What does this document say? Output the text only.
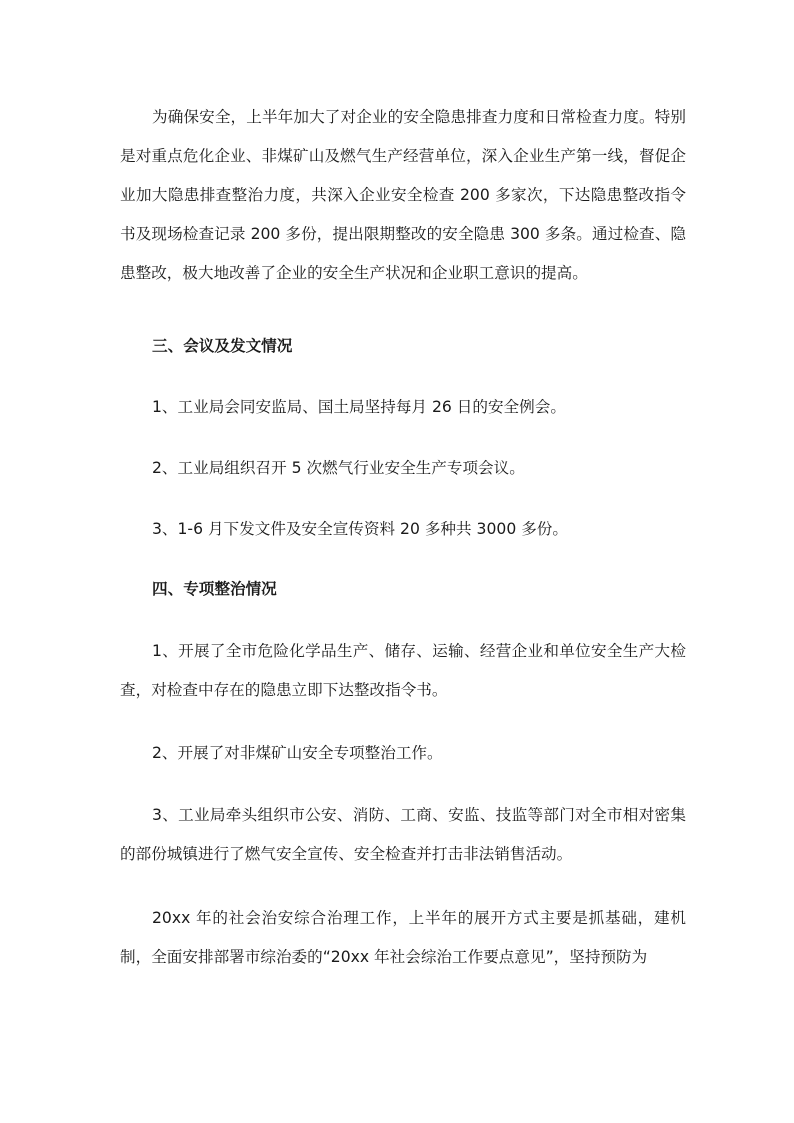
为确保安全，上半年加大了对企业的安全隐患排查力度和日常检查力度。特别是对重点危化企业、非煤矿山及燃气生产经营单位，深入企业生产第一线，督促企业加大隐患排查整治力度，共深入企业安全检查 200 多家次，下达隐患整改指令书及现场检查记录 200 多份，提出限期整改的安全隐患 300 多条。通过检查、隐患整改，极大地改善了企业的安全生产状况和企业职工意识的提高。

三、会议及发文情况

1、工业局会同安监局、国土局坚持每月 26 日的安全例会。

2、工业局组织召开 5 次燃气行业安全生产专项会议。

3、1-6 月下发文件及安全宣传资料 20 多种共 3000 多份。

四、专项整治情况

1、开展了全市危险化学品生产、储存、运输、经营企业和单位安全生产大检查，对检查中存在的隐患立即下达整改指令书。

2、开展了对非煤矿山安全专项整治工作。

3、工业局牵头组织市公安、消防、工商、安监、技监等部门对全市相对密集的部份城镇进行了燃气安全宣传、安全检查并打击非法销售活动。

20xx 年的社会治安综合治理工作，上半年的展开方式主要是抓基础，建机制，全面安排部署市综治委的“20xx 年社会综治工作要点意见”，坚持预防为
